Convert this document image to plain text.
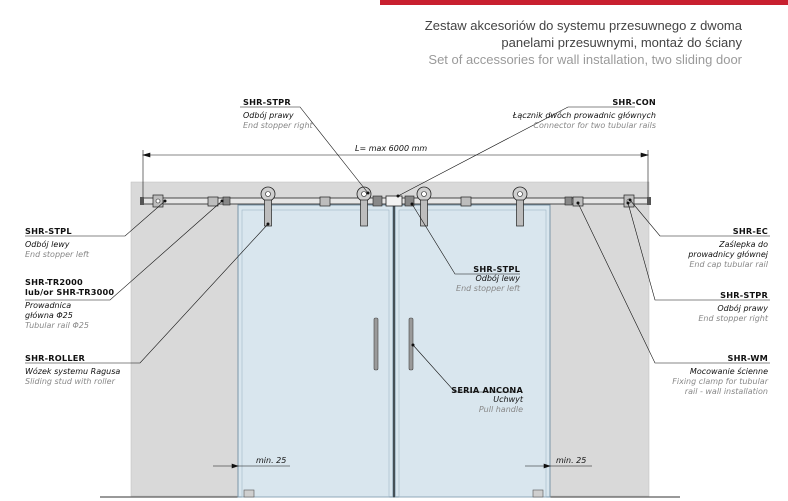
Zestaw akcesoriów do systemu przesuwnego z dwoma
panelami przesuwnymi, montaż do ściany
Set of accessories for wall installation, two sliding door
L= max 6000 mm
min. 25	min. 25
SHR-STPR
Odbój prawy
End stopper right
SHR-CON
Łącznik dwóch prowadnic głównych
Connector for two tubular rails
SHR-STPL
Odbój lewy
End stopper left
SHR-TR2000
lub/or SHR-TR3000
Prowadnica
główna Φ25
Tubular rail Φ25
SHR-ROLLER
Wózek systemu Ragusa
Sliding stud with roller
SHR-STPL
Odbój lewy
End stopper left
SERIA ANCONA
Uchwyt
Pull handle
SHR-EC
Zaślepka do
prowadnicy głównej
End cap tubular rail
SHR-STPR
Odbój prawy
End stopper right
SHR-WM
Mocowanie ścienne
Fixing clamp for tubular
rail - wall installation
